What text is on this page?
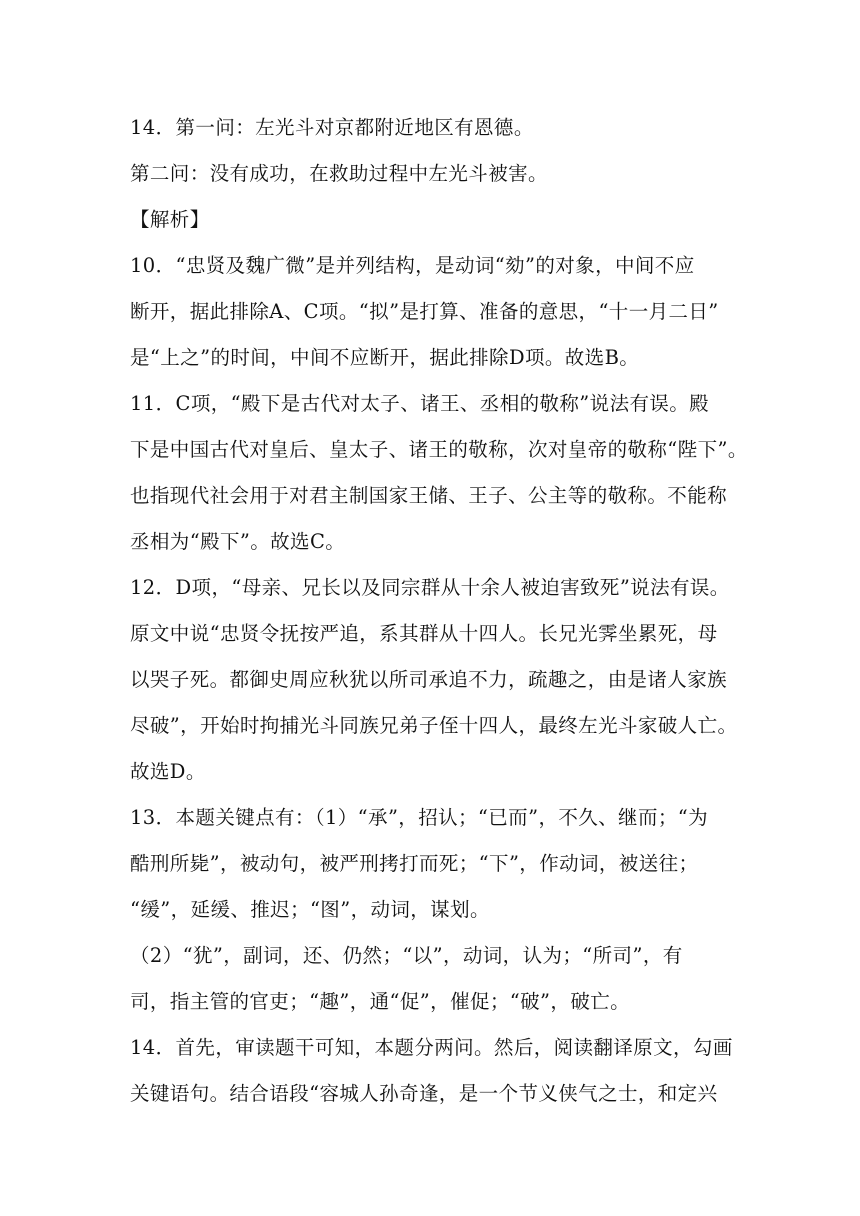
14．第一问：左光斗对京都附近地区有恩德。
第二问：没有成功，在救助过程中左光斗被害。
【解析】
10．“忠贤及魏广微”是并列结构，是动词“劾”的对象，中间不应
断开，据此排除A、C项。“拟”是打算、准备的意思，“十一月二日”
是“上之”的时间，中间不应断开，据此排除D项。故选B。
11．C项，“殿下是古代对太子、诸王、丞相的敬称”说法有误。殿
下是中国古代对皇后、皇太子、诸王的敬称，次对皇帝的敬称“陛下”。
也指现代社会用于对君主制国家王储、王子、公主等的敬称。不能称
丞相为“殿下”。故选C。
12．D项，“母亲、兄长以及同宗群从十余人被迫害致死”说法有误。
原文中说“忠贤令抚按严追，系其群从十四人。长兄光霁坐累死，母
以哭子死。都御史周应秋犹以所司承追不力，疏趣之，由是诸人家族
尽破”，开始时拘捕光斗同族兄弟子侄十四人，最终左光斗家破人亡。
故选D。
13．本题关键点有：（1）“承”，招认；“已而”，不久、继而；“为
酷刑所毙”，被动句，被严刑拷打而死；“下”，作动词，被送往；
“缓”，延缓、推迟；“图”，动词，谋划。
（2）“犹”，副词，还、仍然；“以”，动词，认为；“所司”，有
司，指主管的官吏；“趣”，通“促”，催促；“破”，破亡。
14．首先，审读题干可知，本题分两问。然后，阅读翻译原文，勾画
关键语句。结合语段“容城人孙奇逢，是一个节义侠气之士，和定兴
